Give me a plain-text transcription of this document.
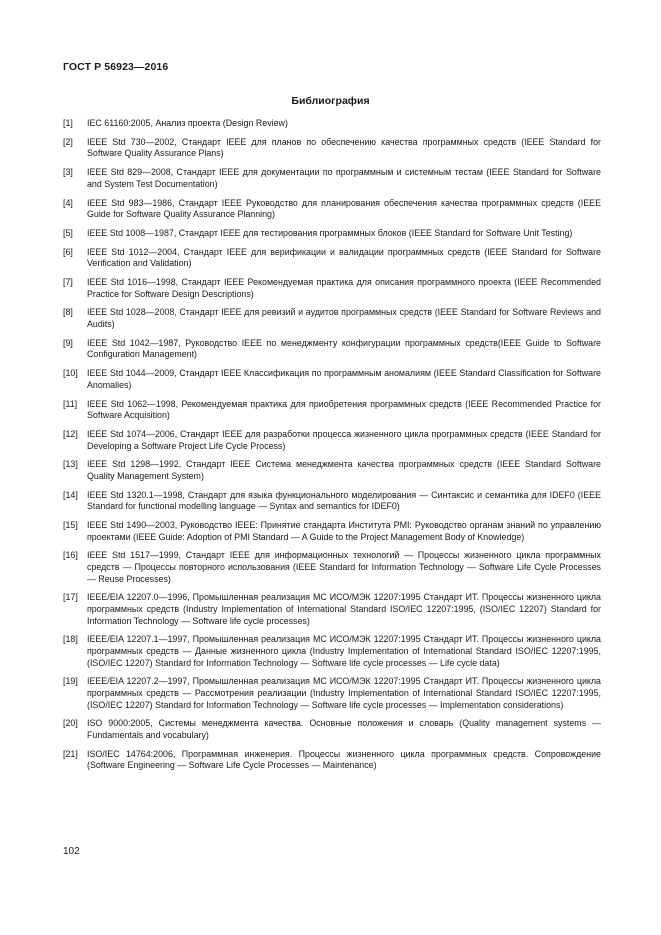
ГОСТ Р 56923—2016
Библиография
[1] IEC 61160:2005, Анализ проекта (Design Review)
[2] IEEE Std 730—2002, Стандарт IEEE для планов по обеспечению качества программных средств (IEEE Standard for Software Quality Assurance Plans)
[3] IEEE Std 829—2008, Стандарт IEEE для документации по программным и системным тестам (IEEE Standard for Software and System Test Documentation)
[4] IEEE Std 983—1986, Стандарт IEEE Руководство для планирования обеспечения качества программных средств (IEEE Guide for Software Quality Assurance Planning)
[5] IEEE Std 1008—1987, Стандарт IEEE для тестирования программных блоков (IEEE Standard for Software Unit Testing)
[6] IEEE Std 1012—2004, Стандарт IEEE для верификации и валидации программных средств (IEEE Standard for Software Verification and Validation)
[7] IEEE Std 1016—1998, Стандарт IEEE Рекомендуемая практика для описания программного проекта (IEEE Recommended Practice for Software Design Descriptions)
[8] IEEE Std 1028—2008, Стандарт IEEE для ревизий и аудитов программных средств (IEEE Standard for Software Reviews and Audits)
[9] IEEE Std 1042—1987, Руководство IEEE по менеджменту конфигурации программных средств(IEEE Guide to Software Configuration Management)
[10] IEEE Std 1044—2009, Стандарт IEEE Классификация по программным аномалиям (IEEE Standard Classification for Software Anomalies)
[11] IEEE Std 1062—1998, Рекомендуемая практика для приобретения программных средств (IEEE Recommended Practice for Software Acquisition)
[12] IEEE Std 1074—2006, Стандарт IEEE для разработки процесса жизненного цикла программных средств (IEEE Standard for Developing a Software Project Life Cycle Process)
[13] IEEE Std 1298—1992, Стандарт IEEE Система менеджмента качества программных средств (IEEE Standard Software Quality Management System)
[14] IEEE Std 1320.1—1998, Стандарт для языка функционального моделирования — Синтаксис и семантика для IDEF0 (IEEE Standard for functional modelling language — Syntax and semantics for IDEF0)
[15] IEEE Std 1490—2003, Руководство IEEE: Принятие стандарта Института PMI: Руководство органам знаний по управлению проектами (IEEE Guide: Adoption of PMI Standard — A Guide to the Project Management Body of Knowledge)
[16] IEEE Std 1517—1999, Стандарт IEEE для информационных технологий — Процессы жизненного цикла программных средств — Процессы повторного использования (IEEE Standard for Information Technology — Software Life Cycle Processes — Reuse Processes)
[17] IEEE/EIA 12207.0—1996, Промышленная реализация МС ИСО/МЭК 12207:1995 Стандарт ИТ. Процессы жизненного цикла программных средств (Industry Implementation of International Standard ISO/IEC 12207:1995, (ISO/IEC 12207) Standard for Information Technology — Software life cycle processes)
[18] IEEE/EIA 12207.1—1997, Промышленная реализация МС ИСО/МЭК 12207:1995 Стандарт ИТ. Процессы жизненного цикла программных средств — Данные жизненного цикла (Industry Implementation of International Standard ISO/IEC 12207:1995, (ISO/IEC 12207) Standard for Information Technology — Software life cycle processes — Life cycle data)
[19] IEEE/EIA 12207.2—1997, Промышленная реализация МС ИСО/МЭК 12207:1995 Стандарт ИТ. Процессы жизненного цикла программных средств — Рассмотрения реализации (Industry Implementation of International Standard ISO/IEC 12207:1995, (ISO/IEC 12207) Standard for Information Technology — Software life cycle processes — Implementation considerations)
[20] ISO 9000:2005, Системы менеджмента качества. Основные положения и словарь (Quality management systems — Fundamentals and vocabulary)
[21] ISO/IEC 14764:2006, Программная инженерия. Процессы жизненного цикла программных средств. Сопровождение (Software Engineering — Software Life Cycle Processes — Maintenance)
102
